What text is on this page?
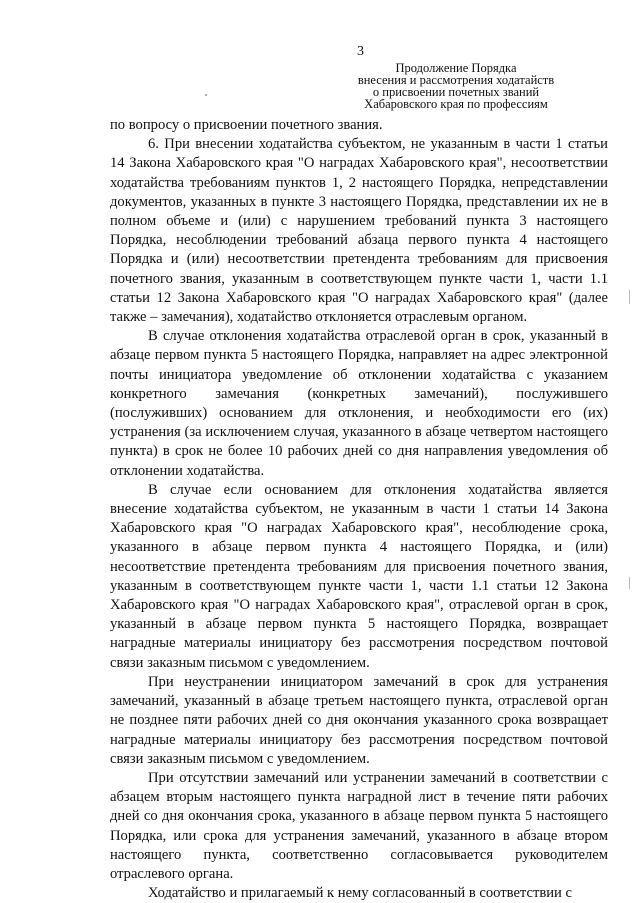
3
Продолжение Порядка
внесения и рассмотрения ходатайств
о присвоении почетных званий
Хабаровского края по профессиям

по вопросу о присвоении почетного звания.

6. При внесении ходатайства субъектом, не указанным в части 1 статьи 14 Закона Хабаровского края "О наградах Хабаровского края", несоответствии ходатайства требованиям пунктов 1, 2 настоящего Порядка, непредставлении документов, указанных в пункте 3 настоящего Порядка, представлении их не в полном объеме и (или) с нарушением требований пункта 3 настоящего Порядка, несоблюдении требований абзаца первого пункта 4 настоящего Порядка и (или) несоответствии претендента требованиям для присвоения почетного звания, указанным в соответствующем пункте части 1, части 1.1 статьи 12 Закона Хабаровского края "О наградах Хабаровского края" (далее также – замечания), ходатайство отклоняется отраслевым органом.

В случае отклонения ходатайства отраслевой орган в срок, указанный в абзаце первом пункта 5 настоящего Порядка, направляет на адрес электронной почты инициатора уведомление об отклонении ходатайства с указанием конкретного замечания (конкретных замечаний), послужившего (послуживших) основанием для отклонения, и необходимости его (их) устранения (за исключением случая, указанного в абзаце четвертом настоящего пункта) в срок не более 10 рабочих дней со дня направления уведомления об отклонении ходатайства.

В случае если основанием для отклонения ходатайства является внесение ходатайства субъектом, не указанным в части 1 статьи 14 Закона Хабаровского края "О наградах Хабаровского края", несоблюдение срока, указанного в абзаце первом пункта 4 настоящего Порядка, и (или) несоответствие претендента требованиям для присвоения почетного звания, указанным в соответствующем пункте части 1, части 1.1 статьи 12 Закона Хабаровского края "О наградах Хабаровского края", отраслевой орган в срок, указанный в абзаце первом пункта 5 настоящего Порядка, возвращает наградные материалы инициатору без рассмотрения посредством почтовой связи заказным письмом с уведомлением.

При неустранении инициатором замечаний в срок для устранения замечаний, указанный в абзаце третьем настоящего пункта, отраслевой орган не позднее пяти рабочих дней со дня окончания указанного срока возвращает наградные материалы инициатору без рассмотрения посредством почтовой связи заказным письмом с уведомлением.

При отсутствии замечаний или устранении замечаний в соответствии с абзацем вторым настоящего пункта наградной лист в течение пяти рабочих дней со дня окончания срока, указанного в абзаце первом пункта 5 настоящего Порядка, или срока для устранения замечаний, указанного в абзаце втором настоящего пункта, соответственно согласовывается руководителем отраслевого органа.

Ходатайство и прилагаемый к нему согласованный в соответствии с
